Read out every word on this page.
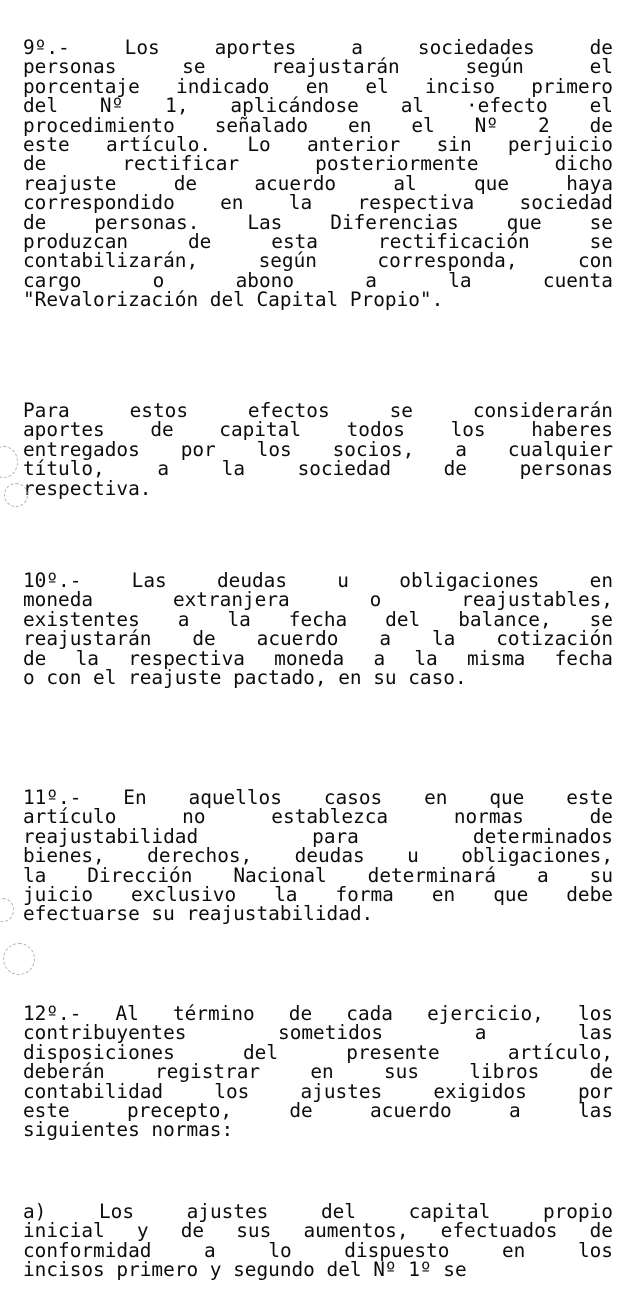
9º.-	Los	aportes	a	sociedades	de
personas	se	reajustarán	según	el
porcentaje indicado en el inciso primero
del Nº 1, aplicándose al ·efecto el
procedimiento señalado en el Nº 2 de
este artículo. Lo anterior sin perjuicio
de	rectificar	posteriormente	dicho
reajuste	de	acuerdo	al	que	haya
correspondido en la respectiva sociedad
de personas. Las Diferencias que se
produzcan	de	esta	rectificación	se
contabilizarán,	según	corresponda,	con
cargo	o	abono	a	la	cuenta
"Revalorización del Capital Propio".
Para	estos	efectos	se	considerarán
aportes de capital todos los haberes
entregados por los socios, a cualquier
título,	a	la	sociedad	de	personas
respectiva.
10º.-	Las	deudas	u	obligaciones	en
moneda	extranjera	o	reajustables,
existentes a la fecha del balance, se
reajustarán de acuerdo a la cotización
de la respectiva moneda a la misma fecha
o con el reajuste pactado, en su caso.
11º.- En aquellos casos en que este
artículo	no	establezca	normas	de
reajustabilidad	para	determinados
bienes, derechos, deudas u obligaciones,
la Dirección Nacional determinará a su
juicio exclusivo la forma en que debe
efectuarse su reajustabilidad.
12º.- Al término de cada ejercicio, los
contribuyentes	sometidos	a	las
disposiciones	del	presente	artículo,
deberán	registrar	en	sus	libros	de
contabilidad	los	ajustes	exigidos	por
este	precepto,	de	acuerdo	a	las
siguientes normas:
a)	Los	ajustes	del	capital	propio
inicial y de sus aumentos, efectuados de
conformidad	a	lo	dispuesto	en	los
incisos primero y segundo del Nº 1º se
